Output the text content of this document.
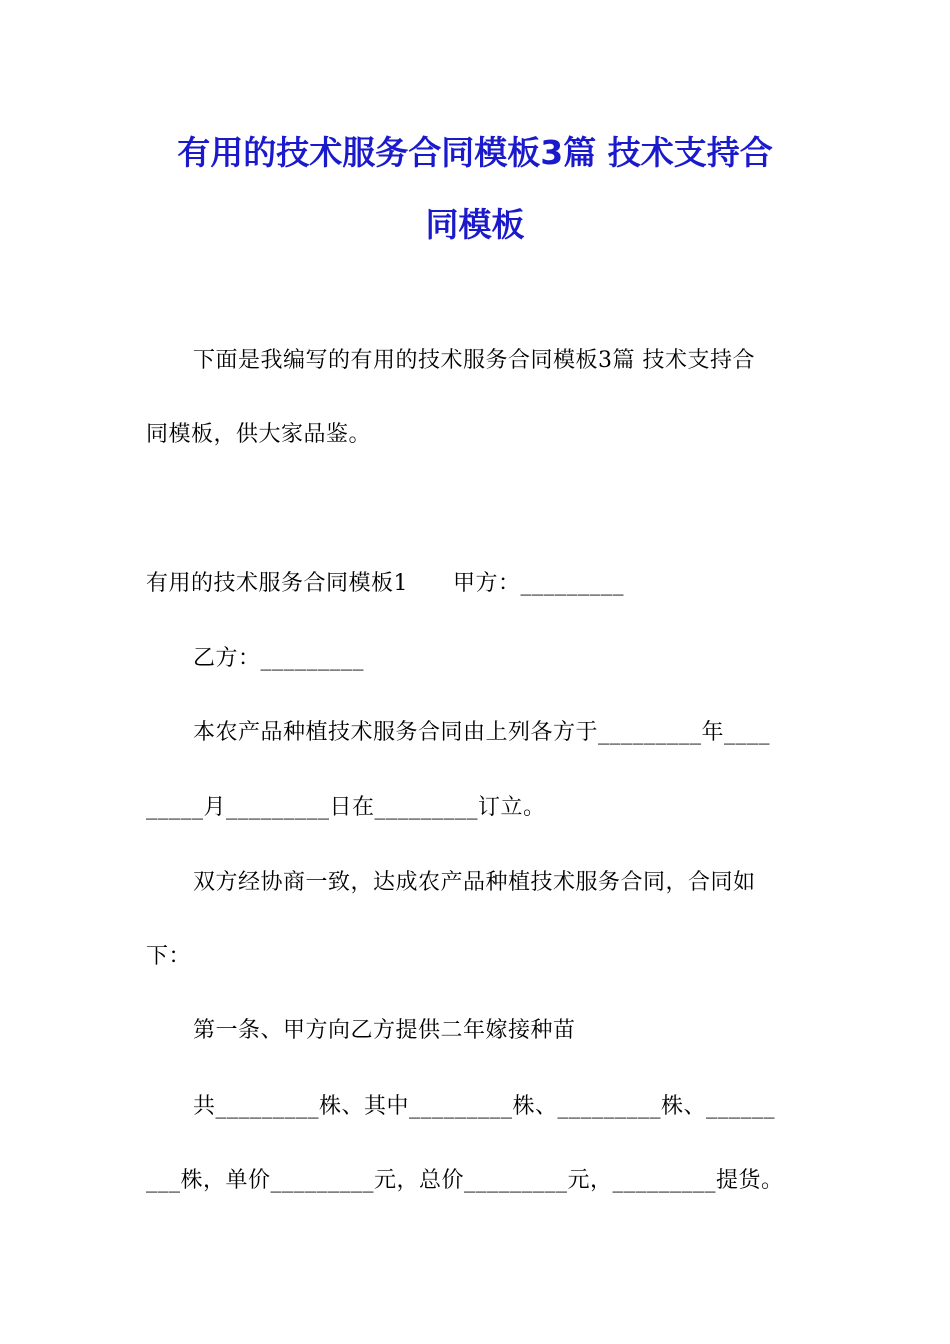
有用的技术服务合同模板3篇 技术支持合
同模板
下面是我编写的有用的技术服务合同模板3篇 技术支持合
同模板，供大家品鉴。
有用的技术服务合同模板1　　甲方：_________
乙方：_________
本农产品种植技术服务合同由上列各方于_________年____
_____月_________日在_________订立。
双方经协商一致，达成农产品种植技术服务合同，合同如
下：
第一条、甲方向乙方提供二年嫁接种苗
共_________株、其中_________株、_________株、______
___株，单价_________元，总价_________元，_________提货。
